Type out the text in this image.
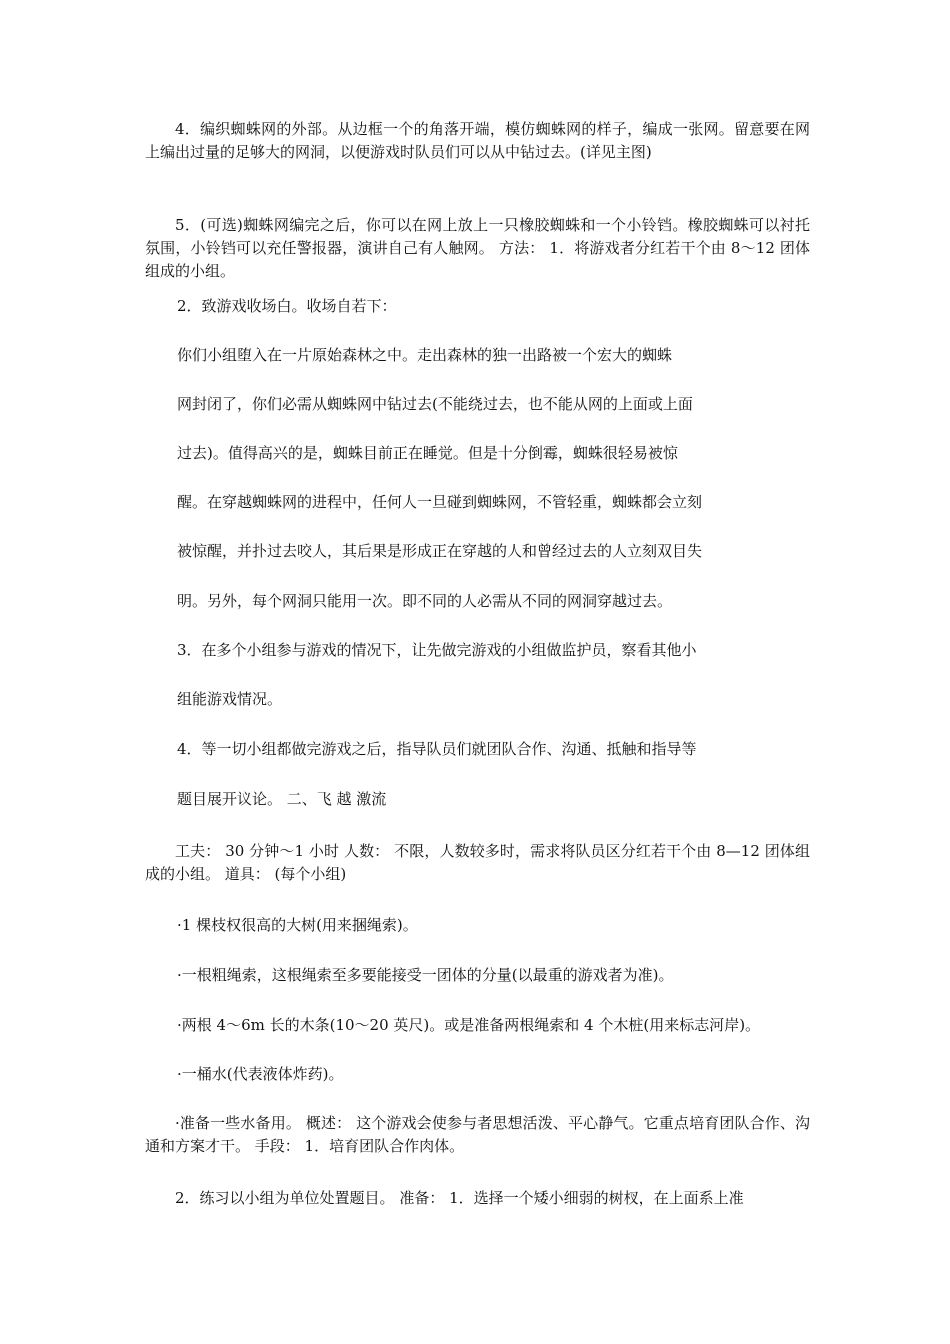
4．编织蜘蛛网的外部。从边框一个的角落开端，模仿蜘蛛网的样子，编成一张网。留意要在网上编出过量的足够大的网洞，以便游戏时队员们可以从中钻过去。(详见主图)

5．(可选)蜘蛛网编完之后，你可以在网上放上一只橡胶蜘蛛和一个小铃铛。橡胶蜘蛛可以衬托氛围，小铃铛可以充任警报器，演讲自己有人触网。 方法： 1．将游戏者分红若干个由 8～12 团体组成的小组。

2．致游戏收场白。收场自若下：

你们小组堕入在一片原始森林之中。走出森林的独一出路被一个宏大的蜘蛛

网封闭了，你们必需从蜘蛛网中钻过去(不能绕过去，也不能从网的上面或上面

过去)。值得高兴的是，蜘蛛目前正在睡觉。但是十分倒霉，蜘蛛很轻易被惊

醒。在穿越蜘蛛网的进程中，任何人一旦碰到蜘蛛网，不管轻重，蜘蛛都会立刻

被惊醒，并扑过去咬人，其后果是形成正在穿越的人和曾经过去的人立刻双目失

明。另外，每个网洞只能用一次。即不同的人必需从不同的网洞穿越过去。

3．在多个小组参与游戏的情况下，让先做完游戏的小组做监护员，察看其他小

组能游戏情况。

4．等一切小组都做完游戏之后，指导队员们就团队合作、沟通、抵触和指导等

题目展开议论。 二、飞 越 激流

工夫： 30 分钟～1 小时 人数： 不限，人数较多时，需求将队员区分红若干个由 8—12 团体组成的小组。 道具： (每个小组)

·1 棵枝权很高的大树(用来捆绳索)。

·一根粗绳索，这根绳索至多要能接受一团体的分量(以最重的游戏者为准)。

·两根 4～6m 长的木条(10～20 英尺)。或是准备两根绳索和 4 个木桩(用来标志河岸)。

·一桶水(代表液体炸药)。

·准备一些水备用。 概述： 这个游戏会使参与者思想活泼、平心静气。它重点培育团队合作、沟通和方案才干。 手段： 1．培育团队合作肉体。

2．练习以小组为单位处置题目。 准备： 1．选择一个矮小细弱的树杈，在上面系上准
